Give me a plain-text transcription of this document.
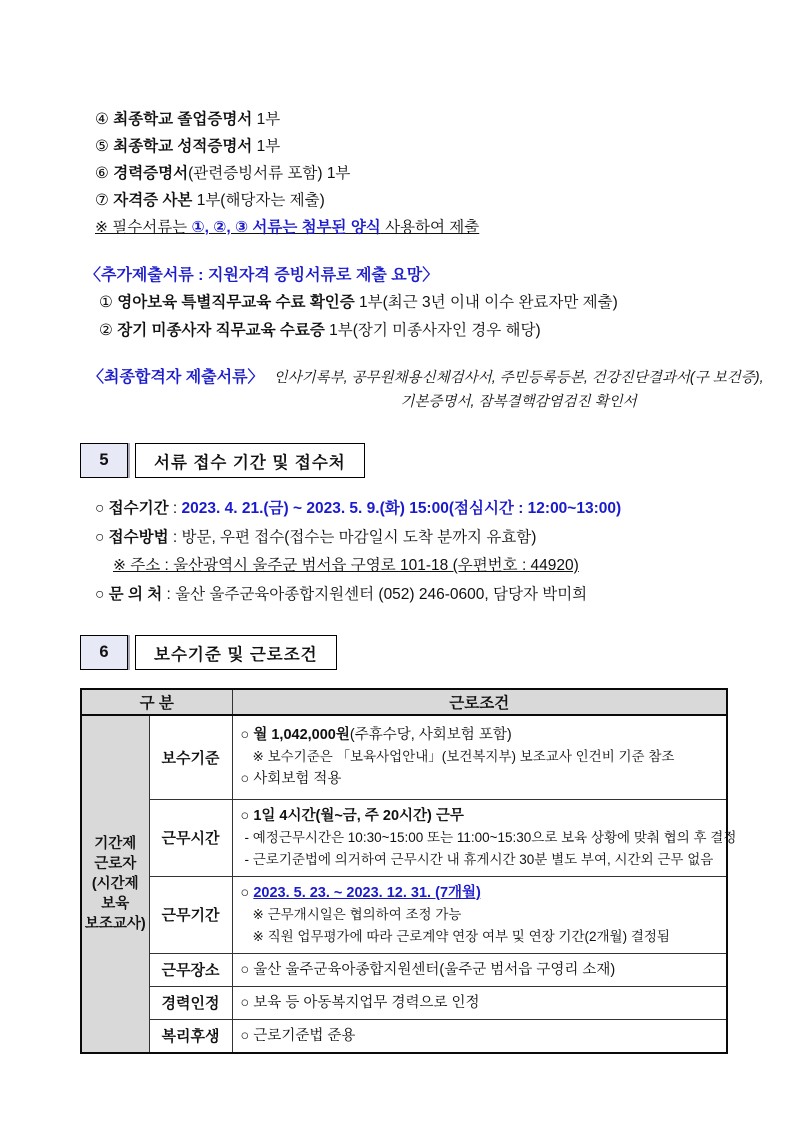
④ 최종학교 졸업증명서 1부
⑤ 최종학교 성적증명서 1부
⑥ 경력증명서(관련증빙서류 포함) 1부
⑦ 자격증 사본 1부(해당자는 제출)
※ 필수서류는 ①, ②, ③ 서류는 첨부된 양식 사용하여 제출
〈추가제출서류 : 지원자격 증빙서류로 제출 요망〉
① 영아보육 특별직무교육 수료 확인증 1부(최근 3년 이내 이수 완료자만 제출)
② 장기 미종사자 직무교육 수료증 1부(장기 미종사자인 경우 해당)
〈최종합격자 제출서류〉 인사기록부, 공무원채용신체검사서, 주민등록등본, 건강진단결과서(구 보건증),
기본증명서, 잠복결핵감염검진 확인서
5	서류 접수 기간 및 접수처
○ 접수기간 : 2023. 4. 21.(금) ~ 2023. 5. 9.(화) 15:00(점심시간 : 12:00~13:00)
○ 접수방법 : 방문, 우편 접수(접수는 마감일시 도착 분까지 유효함)
※ 주소 : 울산광역시 울주군 범서읍 구영로 101-18 (우편번호 : 44920)
○ 문 의 처 : 울산 울주군육아종합지원센터 (052) 246-0600, 담당자 박미희
6	보수기준 및 근로조건
구 분		근로조건

기간제
근로자
(시간제
보육
보조교사)
	보수기준	
○ 월 1,042,000원(주휴수당, 사회보험 포함)
※ 보수기준은 「보육사업안내」(보건복지부) 보조교사 인건비 기준 참조
○ 사회보험 적용

	근무시간	○ 1일 4시간(월~금, 주 20시간) 근무
- 예정근무시간은 10:30~15:00 또는 11:00~15:30으로 보육 상황에 맞춰 협의 후 결정
- 근로기준법에 의거하여 근무시간 내 휴게시간 30분 별도 부여, 시간외 근무 없음

	근무기간	○ 2023. 5. 23. ~ 2023. 12. 31. (7개월)
※ 근무개시일은 협의하여 조정 가능
※ 직원 업무평가에 따라 근로계약 연장 여부 및 연장 기간(2개월) 결정됨

	근무장소	○ 울산 울주군육아종합지원센터(울주군 범서읍 구영리 소재)

	경력인정	○ 보육 등 아동복지업무 경력으로 인정

	복리후생	○ 근로기준법 준용
